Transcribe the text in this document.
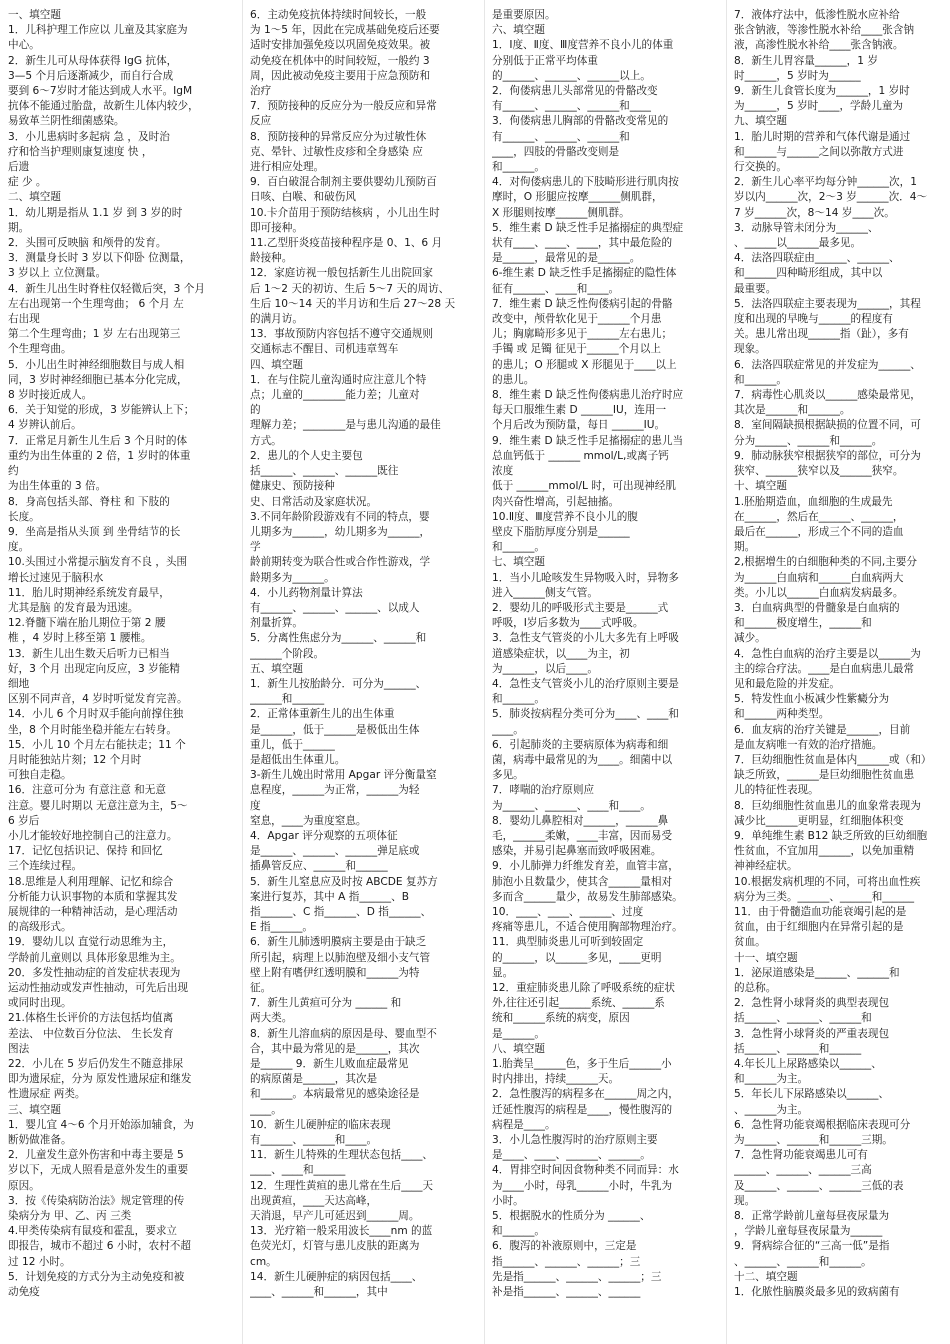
一、填空题
1．儿科护理工作应以 儿童及其家庭为
中心。
2．新生儿可从母体获得 IgG 抗体，
3—5 个月后逐渐减少，而自行合成
要到 6～7岁时才能达到成人水平。IgM
抗体不能通过胎盘，故新生儿体内较少，
易致革兰阴性细菌感染。
3．小儿患病时多起病 急 ，及时治
疗和恰当护理则康复速度 快 ，
后遗
症 少 。
二、填空题
1．幼儿期是指从 1.1 岁 到 3 岁的时
期。
2．头围可反映脑 和颅骨的发育。
3．测量身长时 3 岁以下仰卧 位测量，
3 岁以上 立位测量。
4．新生儿出生时脊柱仅轻微后突，3 个月
左右出现第一个生理弯曲； 6 个月 左
右出现
第二个生理弯曲；1 岁 左右出现第三
个生理弯曲。
5．小儿出生时神经细胞数目与成人相
同，3 岁时神经细胞已基本分化完成，
8 岁时接近成人。
6．关于知觉的形成，3 岁能辨认上下；
4 岁辨认前后。
7．正常足月新生儿生后 3 个月时的体
重约为出生体重的 2 倍，1 岁时的体重
约
为出生体重的 3 倍。
8．身高包括头部、脊柱 和 下肢的
长度。
9．坐高是指从头顶 到 坐骨结节的长
度。
10.头围过小常提示脑发育不良 ，头围
增长过速见于脑积水
11．胎儿时期神经系统发育最早，
尤其是脑 的发育最为迅速。
12.脊髓下端在胎儿期位于第 2 腰
椎 ，4 岁时上移至第 1 腰椎。
13．新生儿出生数天后听力已相当
好，3 个月 出现定向反应，3 岁能精
细地
区别不同声音，4 岁时听觉发育完善。
14．小儿 6 个月时双手能向前撑住独
坐，8 个月时能坐稳并能左右转身。
15．小儿 10 个月左右能扶走；11 个
月时能独站片刻；12 个月时
可独自走稳。
16．注意可分为 有意注意 和无意
注意。婴儿时期以 无意注意为主，5～
6 岁后
小儿才能较好地控制自己的注意力。
17．记忆包括识记、保持 和回忆
三个连续过程。
18.思维是人利用理解、记忆和综合
分析能力认识事物的本质和掌握其发
展规律的一种精神活动，是心理活动
的高级形式。
19．婴幼儿以 直觉行动思维为主，
学龄前儿童则以 具体形象思维为主。
20．多发性抽动症的首发症状表现为
运动性抽动或发声性抽动，可先后出现
或同时出现。
21.体格生长评价的方法包括均值离
差法、 中位数百分位法、 生长发育
图法
22．小儿在 5 岁后仍发生不随意排尿
即为遗尿症，分为 原发性遗尿症和继发
性遗尿症 两类。
三、填空题
1．婴儿宜 4～6 个月开始添加辅食，为
断奶做准备。
2．儿童发生意外伤害和中毒主要是 5
岁以下，无成人照看是意外发生的重要
原因。
3．按《传染病防治法》规定管理的传
染病分为 甲、乙、丙 三类
4.甲类传染病有鼠疫和霍乱，要求立
即报告，城市不超过 6 小时，农村不超
过 12 小时。
5．计划免疫的方式分为主动免疫和被
动免疫
6．主动免疫抗体持续时间较长，一般
为 1～5 年，因此在完成基础免疫后还要
适时安排加强免疫以巩固免疫效果。被
动免疫在机体中的时间较短，一般约 3
周，因此被动免疫主要用于应急预防和
治疗
7．预防接种的反应分为一般反应和异常
反应
8．预防接种的异常反应分为过敏性休
克、晕针、过敏性皮疹和全身感染 应
进行相应处理。
9．百白破混合制剂主要供婴幼儿预防百
日咳、白喉、和破伤风
10.卡介苗用于预防结核病 ，小儿出生时
即可接种。
11.乙型肝炎疫苗接种程序是 0、1、6 月
龄接种。
12．家庭访视一般包括新生儿出院回家
后 1～2 天的初访、生后 5～7 天的周访、
生后 10～14 天的半月访和生后 27～28 天
的满月访。
13．事故预防内容包括不遵守交通规则
交通标志不醒目、司机违章驾车
四、填空题
1．在与住院儿童沟通时应注意儿个特
点；儿童的________能力差；儿童对
的
理解力差；________是与患儿沟通的最佳
方式。
2．患儿的个人史主要包
括______、______、______既往
健康史、预防接种
史、日常活动及家庭状况。
3.不同年龄阶段游戏有不同的特点，婴
儿期多为______，幼儿期多为______，
学
龄前期转变为联合性或合作性游戏，学
龄期多为______。
4．小儿药物剂量计算法
有______、______、______、以成人
剂量折算。
5．分离性焦虑分为______、______和
______个阶段。
五、填空题
1．新生儿按胎龄分．可分为______、
______和______
2．正常体重新生儿的出生体重
是______，低于______是极低出生体
重儿，低于______
是超低出生体重儿。
3-新生儿娩出时常用 Apgar 评分衡量窒
息程度，______为正常，______为轻
度
窒息，____为重度窒息。
4．Apgar 评分观察的五项体征
是______、______、______弹足底或
插鼻管反应、______和______
5．新生儿窒息应及时按 ABCDE 复苏方
案进行复苏，其中 A 指______、B
指______、C 指______、D 指______、
E 指______。
6．新生儿肺透明膜病主要是由于缺乏
所引起，病理上以肺泡壁及细小支气管
壁上附有嗜伊红透明膜和______为特
征。
7．新生儿黄疸可分为 ______ 和
两大类。
8．新生儿溶血病的原因是母、婴血型不
合，其中最为常见的是______，其次
是______ 9．新生儿败血症最常见
的病原菌是______，其次是
和______。本病最常见的感染途径是
____。
10．新生儿硬肿症的临床表现
有______、______和____。
11．新生儿特殊的生理状态包括____、
____、____和______
12．生理性黄疸的患儿常在生后____天
出现黄疸，____天达高峰，
天消退，早产儿可延迟到______周。
13．光疗箱一般采用波长____nm 的蓝
色荧光灯，灯管与患儿皮肤的距离为
cm。
14．新生儿硬肿症的病因包括____、
____、______和______，其中
是重要原因。
六、填空题
1．Ⅰ度、Ⅱ度、Ⅲ度营养不良小儿的体重
分别低于正常平均体重
的______、______、______以上。
2．佝偻病患儿头部常见的骨骼改变
有______、______、______和____
3．佝偻病患儿胸部的骨骼改变常见的
有______、______、______和
____，四肢的骨骼改变则是
和______。
4．对佝偻病患儿的下肢畸形进行肌肉按
摩时，O 形腿应按摩______侧肌群，
X 形腿则按摩______侧肌群。
5．维生素 D 缺乏性手足搐搦症的典型症
状有____、____、____，其中最危险的
是______，最常见的是______。
6-维生素 D 缺乏性手足搐搦症的隐性体
征有______、____和____。
7．维生素 D 缺乏性佝偻病引起的骨骼
改变中，颅骨软化见于______个月患
儿；胸廓畸形多见于______左右患儿；
手镯 或 足镯 征见于______个月以上
的患儿；O 形腿或 X 形腿见于____以上
的患儿。
8．维生素 D 缺乏性佝偻病患儿治疗时应
每天口服维生素 D ______IU，连用一
个月后改为预防量，每日 ______IU。
9．维生素 D 缺乏性手足搐搦症的患儿当
总血钙低于 ______ mmol/L,或离子钙
浓度
低于 ______mmol/L 时，可出现神经肌
肉兴奋性增高，引起抽搐。
10.Ⅱ度、Ⅲ度营养不良小儿的腹
壁皮下脂肪厚度分别是______
和______。
七、填空题
1．当小儿呛咳发生异物吸入时，异物多
进入______侧支气管。
2．婴幼儿的呼吸形式主要是______式
呼吸，Ⅰ岁后多数为____式呼吸。
3．急性支气管炎的小儿大多先有上呼吸
道感染症状，以____为主，初
为______，以后____。
4．急性支气管炎小儿的治疗原则主要是
和______。
5．肺炎按病程分类可分为____、____和
____。
6．引起肺炎的主要病原体为病毒和细
菌，病毒中最常见的为____。细菌中以
多见。
7．哮喘的治疗原则应
为______、______、____和____。
8．婴幼儿鼻腔相对______，______鼻
毛，______柔嫩，____丰富，因而易受
感染，并易引起鼻塞而致呼吸困难。
9．小儿肺弹力纤维发育差，血管丰富，
肺泡小且数量少，使其含______量相对
多而含______量少，故易发生肺部感染。
10．____、____、______、过度
疼痛等患儿，不适合使用胸部物理治疗。
11．典型肺炎患儿可听到较固定
的______，以______多见，____更明
显。
12．重症肺炎患儿除了呼吸系统的症状
外,往往还引起______系统、______系
统和______系统的病变，原因
是______。
八、填空题
1.胎粪呈______色，多于生后______小
时内排出，持续______天。
2．急性腹泻的病程多在______周之内，
迁延性腹泻的病程是____，慢性腹泻的
病程是____。
3．小儿急性腹泻时的治疗原则主要
是____、____、______、______。
4．胃排空时间因食物种类不同而异：水
为____小时，母乳______小时，牛乳为
小时。
5．根据脱水的性质分为 ______、
和______。
6．腹泻的补液原则中，三定是
指______、______、______；三
先是指______、______、______；三
补是指______、______、______
7．液体疗法中，低渗性脱水应补给
张含钠液，等渗性脱水补给____张含钠
液，高渗性脱水补给____张含钠液。
8．新生儿胃容量______，1 岁
时______，5 岁时为______
9．新生儿食管长度为______，1 岁时
为______，5 岁时____，学龄儿童为
九、填空题
1．胎儿时期的营养和气体代谢是通过
和______与______之间以弥散方式进
行交换的。
2．新生儿心率平均每分钟______次，1
岁以内______次，2～3 岁______次．4～
7 岁______次，8～14 岁____次。
3．动脉导管未闭分为______、
、______以______最多见。
4．法洛四联症由______、______、
和______四种畸形组成，其中以
最重要。
5．法洛四联症主要表现为______，其程
度和出现的早晚与______的程度有
关。患儿常出现______指（趾），多有
现象。
6．法洛四联症常见的并发症为______、
和______。
7．病毒性心肌炎以______感染最常见，
其次是______和______。
8．室间隔缺损根据缺损的位置不同，可
分为______、______和______。
9．肺动脉狭窄根据狭窄的部位，可分为
狭窄、______狭窄以及______狭窄。
十、填空题
1.胚胎期造血，血细胞的生成最先
在______，然后在______、______，
最后在______，形成三个不同的造血
期。
2,根据增生的白细胞种类的不同,主要分
为______白血病和______白血病两大
类。小儿以______白血病发病最多。
3．白血病典型的骨髓象是白血病的
和______极度增生，______和
减少。
4．急性白血病的治疗主要是以______为
主的综合疗法。____是白血病患儿最常
见和最危险的并发症。
5．特发性血小板减少性紫癜分为
和______两种类型。
6．血友病的治疗关键是______，目前
是血友病唯一有效的治疗措施。
7．巨幼细胞性贫血是体内______或（和）
缺乏所致，______是巨幼细胞性贫血患
儿的特征性表现。
8．巨幼细胞性贫血患儿的血象常表现为
减少比______更明显，红细胞体积变
9．单纯维生素 B12 缺乏所致的巨幼细胞
性贫血，不宜加用______，以免加重精
神神经症状。
10.根据发病机理的不同，可将出血性疾
病分为三类。______、______和______
11．由于骨髓造血功能衰竭引起的是
贫血，由于红细胞内在异常引起的是
贫血。
十一、填空题
1．泌尿道感染是______、______和
的总称。
2．急性肾小球肾炎的典型表现包
括______、______、______和
3．急性肾小球肾炎的严重表现包
括______、______和______
4.年长儿上尿路感染以______、
和______为主。
5．年长儿下尿路感染以______、
、______为主。
6．急性肾功能衰竭根据临床表现可分
为______、______和______三期。
7．急性肾功能衰竭患儿可有
______、______、______三高
及______、______、______三低的表
现。
8．正常学龄前儿童每昼夜尿量为
，学龄儿童每昼夜尿量为______
9．肾病综合征的“三高一低”是指
、______、______和______。
十二、填空题
1．化脓性脑膜炎最多见的致病菌有
